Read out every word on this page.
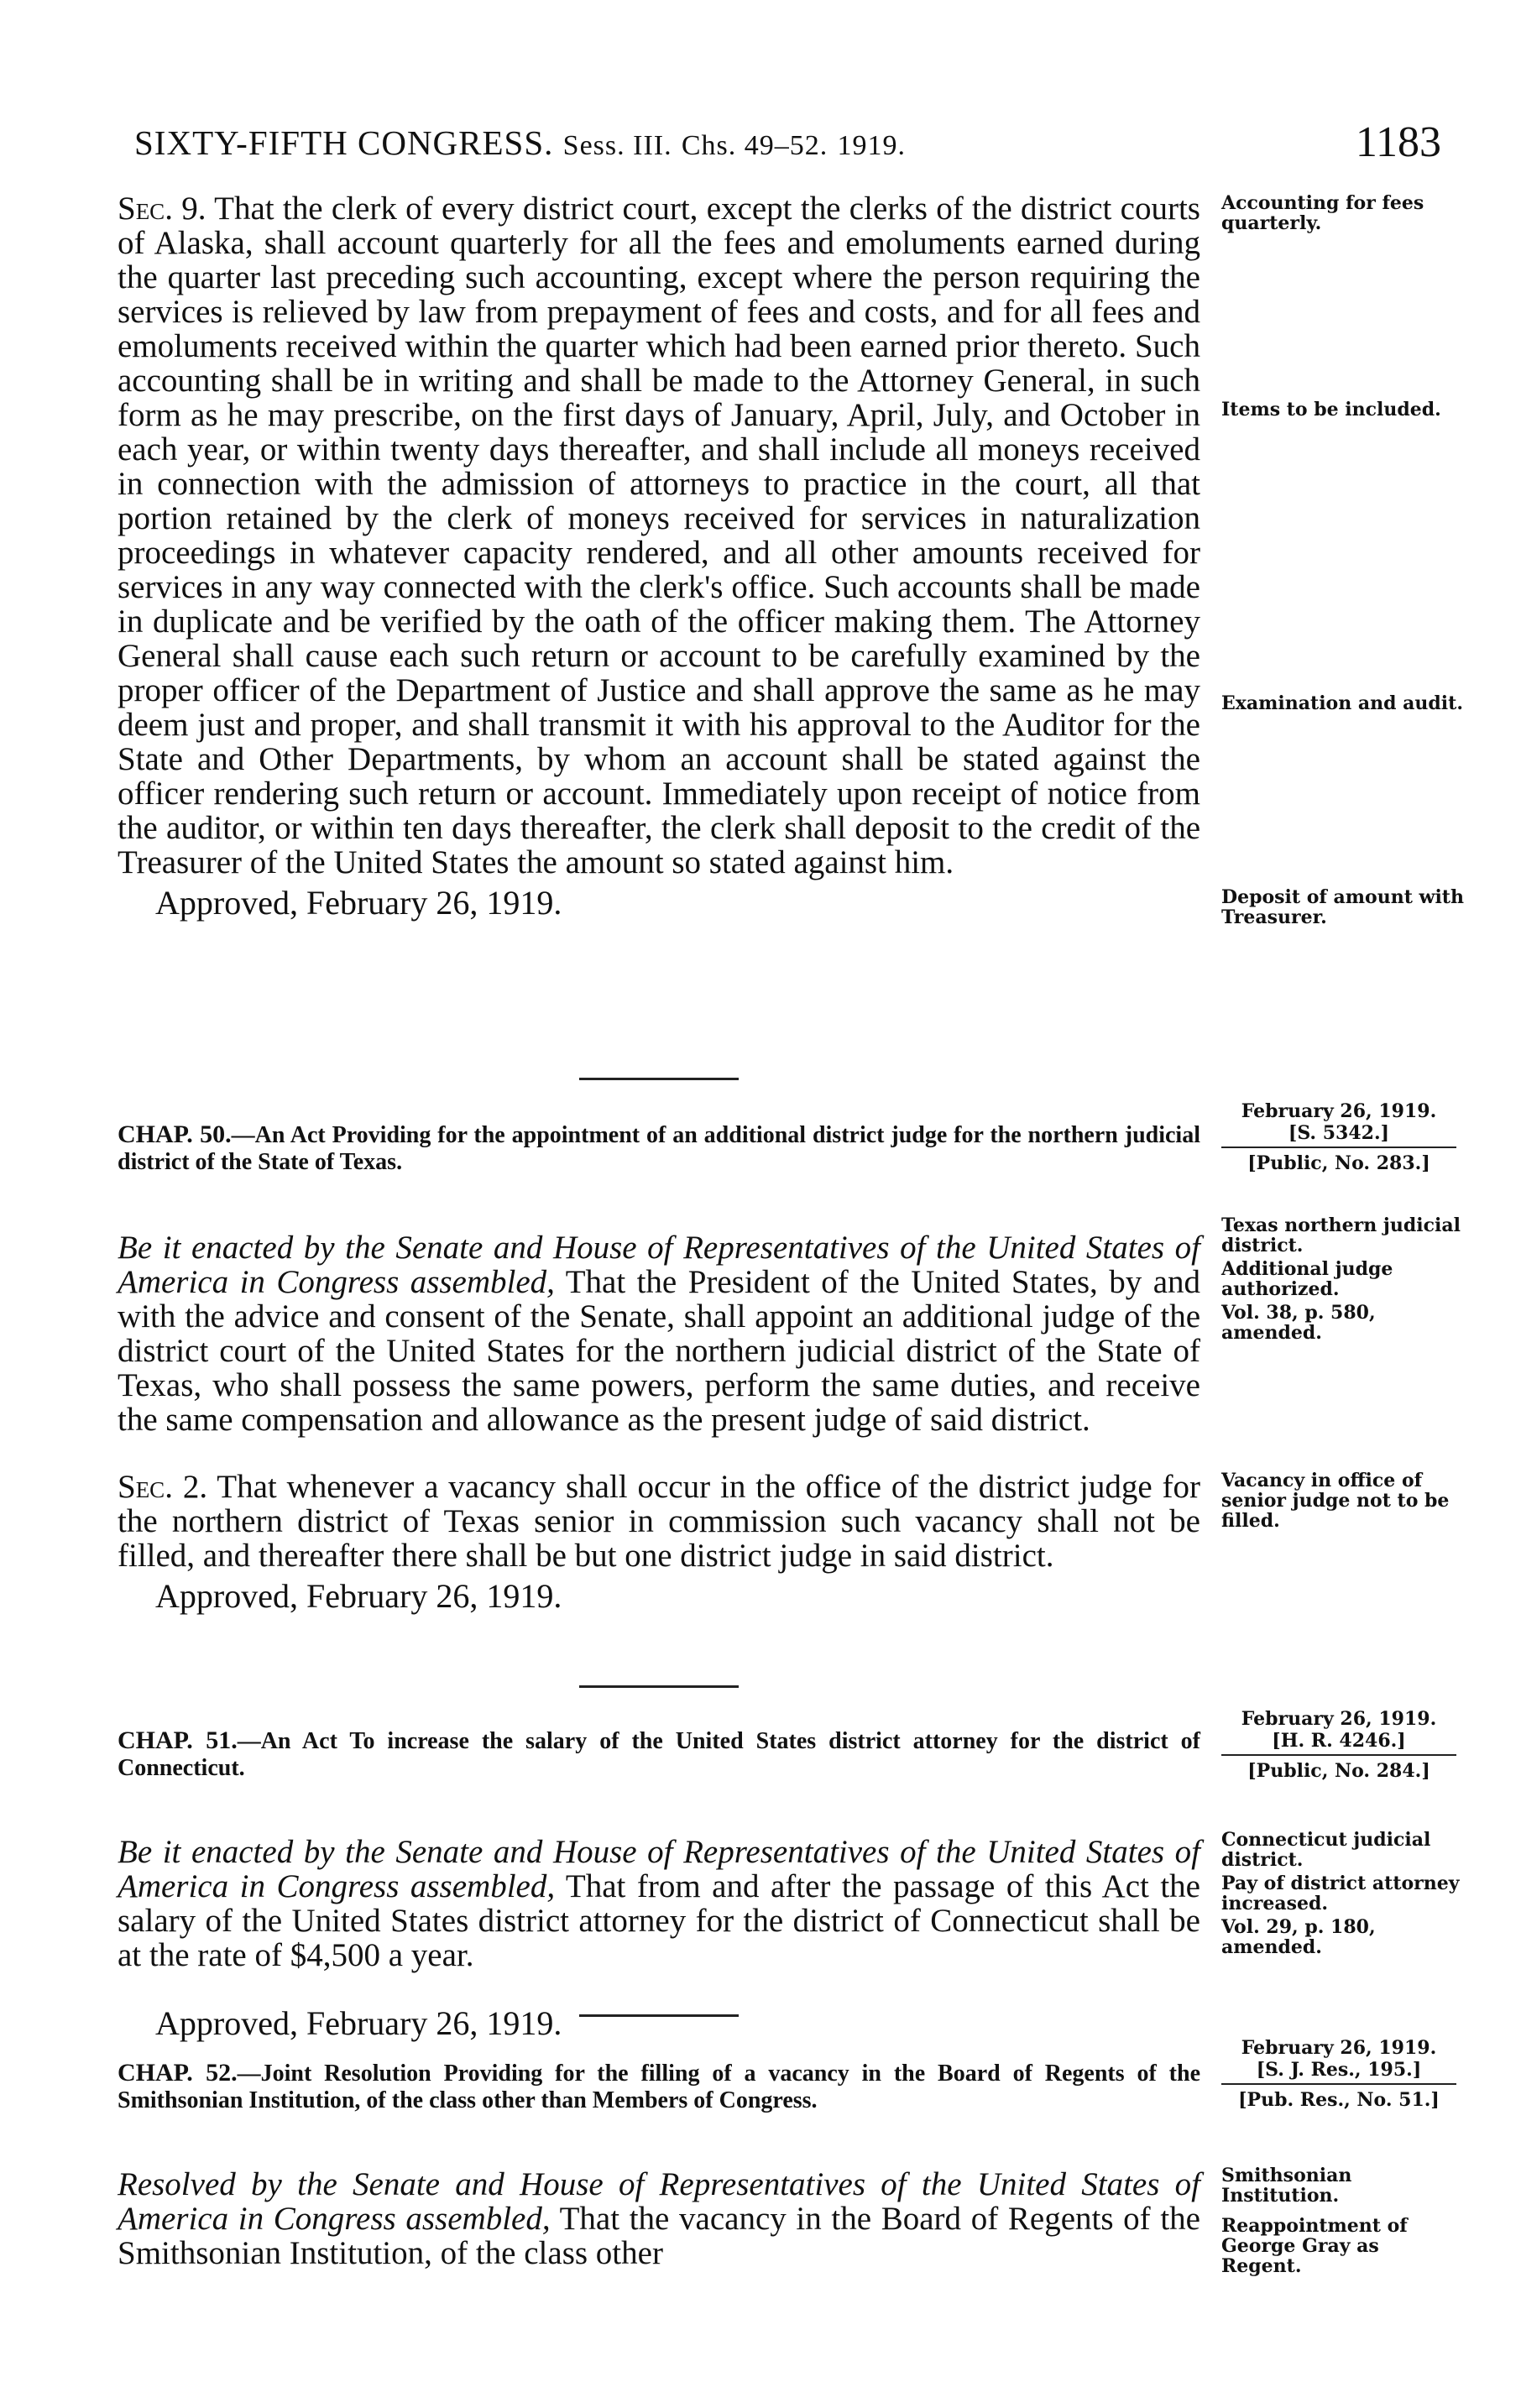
SIXTY-FIFTH CONGRESS. Sess. III. Chs. 49–52. 1919.	1183

Sec. 9. That the clerk of every district court, except the clerks of the district courts of Alaska, shall account quarterly for all the fees and emoluments earned during the quarter last preceding such accounting, except where the person requiring the services is relieved by law from prepayment of fees and costs, and for all fees and emoluments received within the quarter which had been earned prior thereto. Such accounting shall be in writing and shall be made to the Attorney General, in such form as he may prescribe, on the first days of January, April, July, and October in each year, or within twenty days thereafter, and shall include all moneys received in connection with the admission of attorneys to practice in the court, all that portion retained by the clerk of moneys received for services in naturalization proceedings in whatever capacity rendered, and all other amounts received for services in any way connected with the clerk's office. Such accounts shall be made in duplicate and be verified by the oath of the officer making them. The Attorney General shall cause each such return or account to be carefully examined by the proper officer of the Department of Justice and shall approve the same as he may deem just and proper, and shall transmit it with his approval to the Auditor for the State and Other Departments, by whom an account shall be stated against the officer rendering such return or account. Immediately upon receipt of notice from the auditor, or within ten days thereafter, the clerk shall deposit to the credit of the Treasurer of the United States the amount so stated against him.

Approved, February 26, 1919.
Accounting for fees quarterly.
Items to be included.
Examination and audit.
Deposit of amount with Treasurer.
February 26, 1919.
[S. 5342.]
[Public, No. 283.]
CHAP. 50.—An Act Providing for the appointment of an additional district judge for the northern judicial district of the State of Texas.

Be it enacted by the Senate and House of Representatives of the United States of America in Congress assembled, That the President of the United States, by and with the advice and consent of the Senate, shall appoint an additional judge of the district court of the United States for the northern judicial district of the State of Texas, who shall possess the same powers, perform the same duties, and receive the same compensation and allowance as the present judge of said district.

Sec. 2. That whenever a vacancy shall occur in the office of the district judge for the northern district of Texas senior in commission such vacancy shall not be filled, and thereafter there shall be but one district judge in said district.

Approved, February 26, 1919.
Texas northern judicial district.
Additional judge authorized.
Vol. 38, p. 580, amended.
Vacancy in office of senior judge not to be filled.
February 26, 1919.
[H. R. 4246.]
[Public, No. 284.]
CHAP. 51.—An Act To increase the salary of the United States district attorney for the district of Connecticut.

Be it enacted by the Senate and House of Representatives of the United States of America in Congress assembled, That from and after the passage of this Act the salary of the United States district attorney for the district of Connecticut shall be at the rate of $4,500 a year.

Approved, February 26, 1919.
Connecticut judicial district.
Pay of district attorney increased.
Vol. 29, p. 180, amended.
February 26, 1919.
[S. J. Res., 195.]
[Pub. Res., No. 51.]
CHAP. 52.—Joint Resolution Providing for the filling of a vacancy in the Board of Regents of the Smithsonian Institution, of the class other than Members of Congress.

Resolved by the Senate and House of Representatives of the United States of America in Congress assembled, That the vacancy in the Board of Regents of the Smithsonian Institution, of the class other

Smithsonian Institution.
Reappointment of George Gray as Regent.
